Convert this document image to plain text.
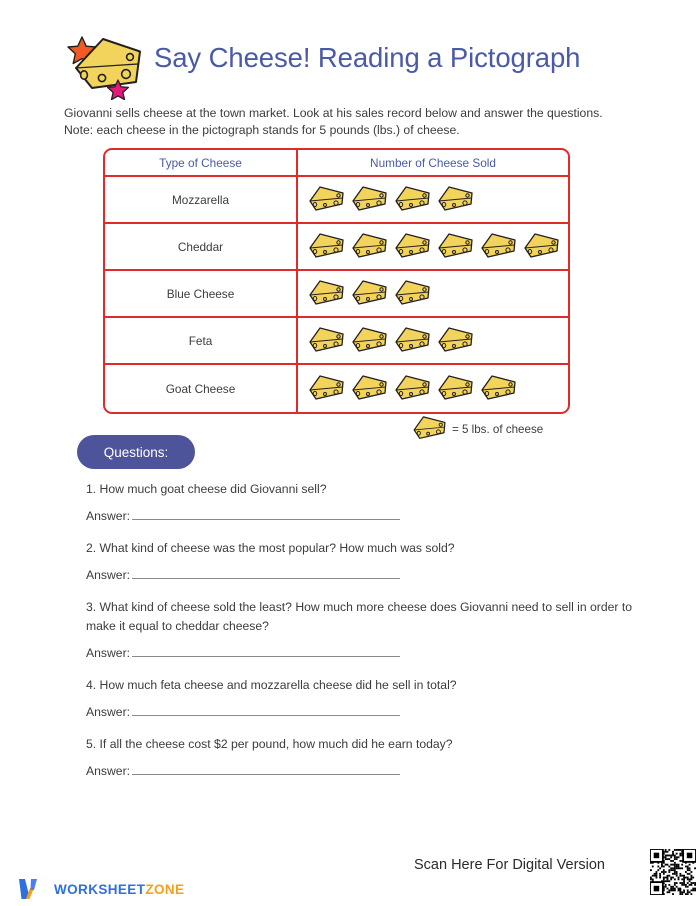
Say Cheese! Reading a Pictograph
Giovanni sells cheese at the town market. Look at his sales record below and answer the questions.
Note: each cheese in the pictograph stands for 5 pounds (lbs.) of cheese.
Type of Cheese	Number of Cheese Sold
Mozzarella
Cheddar
Blue Cheese
Feta
Goat Cheese
= 5 lbs. of cheese
Questions:
1. How much goat cheese did Giovanni sell?
Answer:
2. What kind of cheese was the most popular? How much was sold?
Answer:
3. What kind of cheese sold the least? How much more cheese does Giovanni need to sell in order to make it equal to cheddar cheese?
Answer:
4. How much feta cheese and mozzarella cheese did he sell in total?
Answer:
5. If all the cheese cost $2 per pound, how much did he earn today?
Answer:
WORKSHEETZONE
Scan Here For Digital Version
